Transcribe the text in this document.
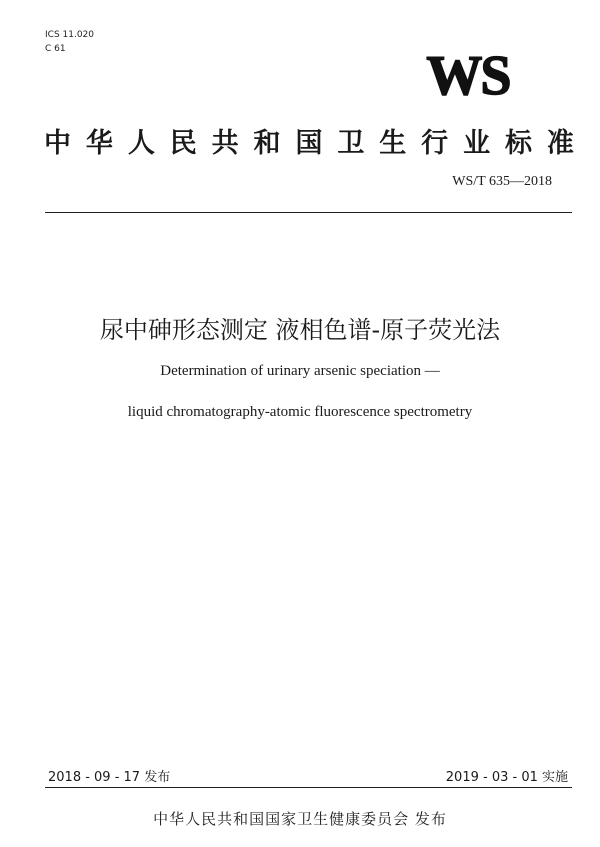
ICS 11.020
C 61	WS
中 华 人 民 共 和 国 卫 生 行 业 标 准
WS/T 635—2018
尿中砷形态测定 液相色谱-原子荧光法
Determination of urinary arsenic speciation —
liquid chromatography-atomic fluorescence spectrometry
2018 - 09 - 17 发布	2019 - 03 - 01 实施
中华人民共和国国家卫生健康委员会 发布
